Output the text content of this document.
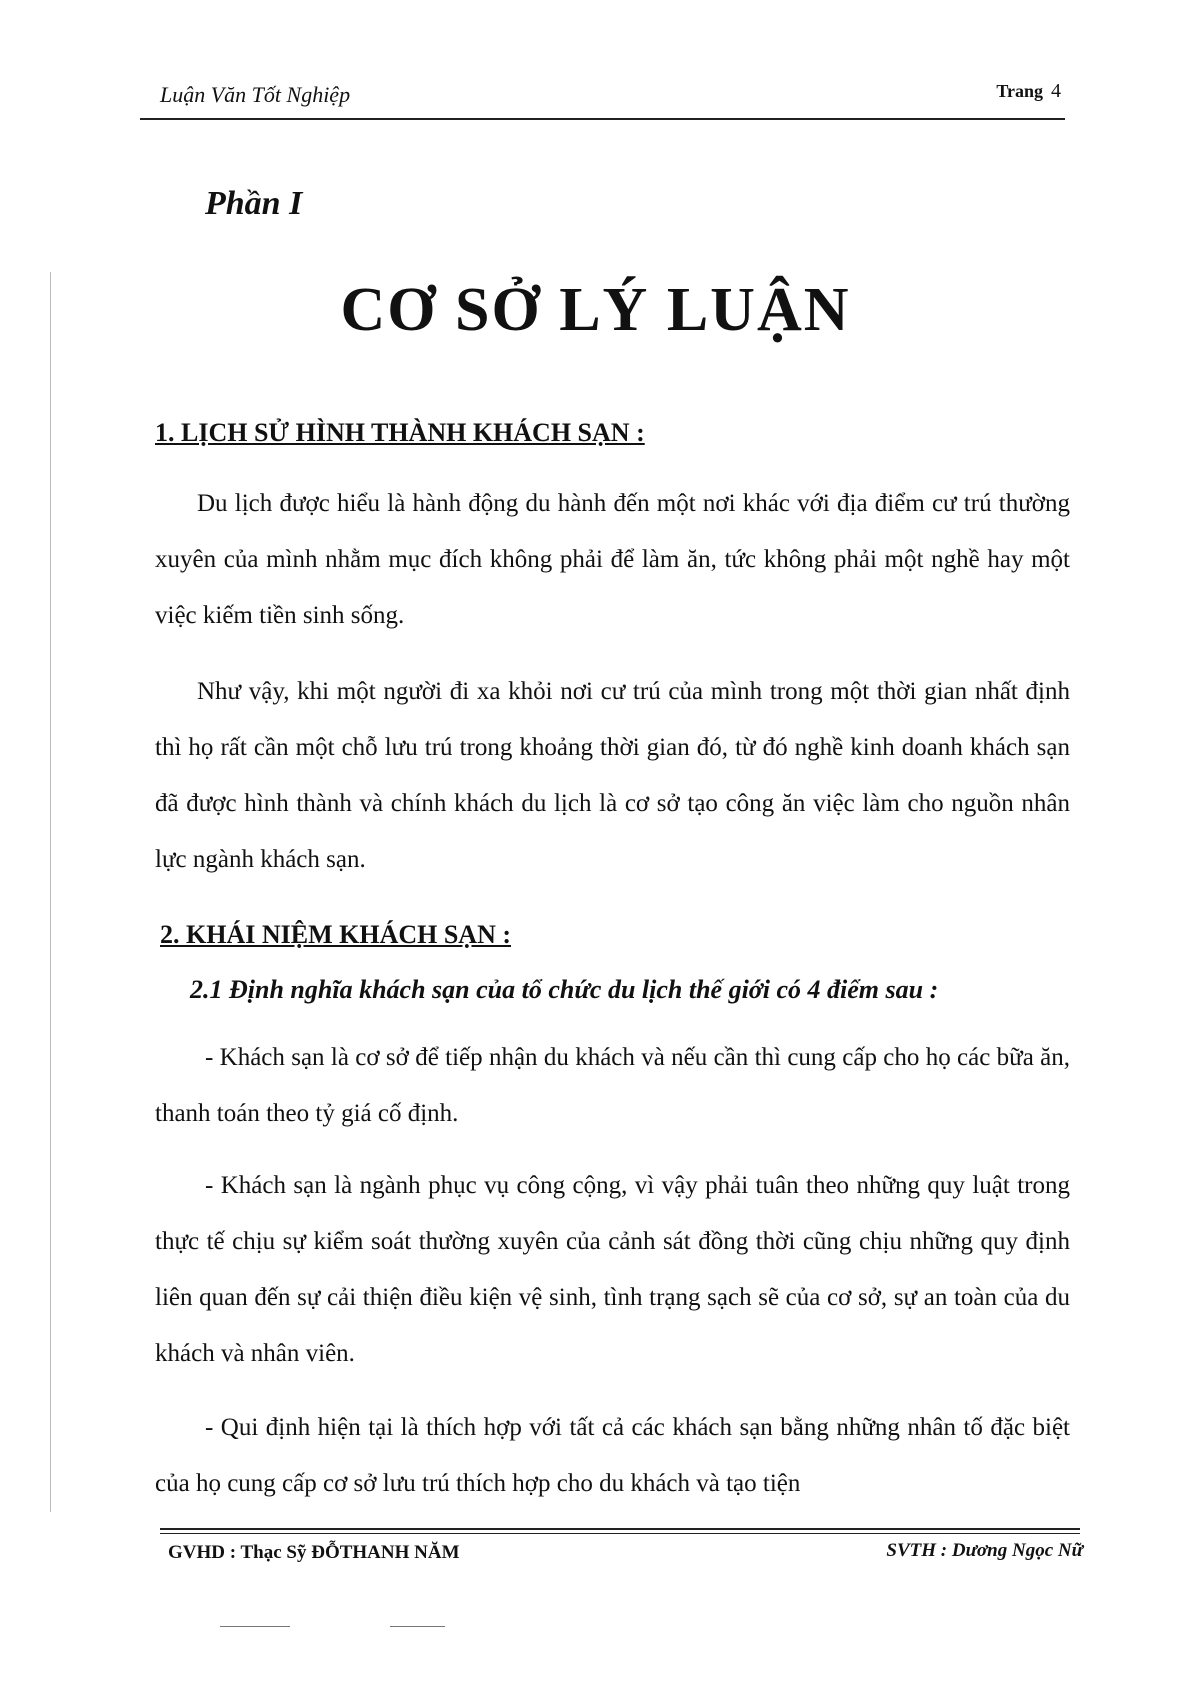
Luận Văn Tốt Nghiệp	Trang 4
Phần I
CƠ SỞ LÝ LUẬN
1. LỊCH SỬ HÌNH THÀNH KHÁCH SẠN :

Du lịch được hiểu là hành động du hành đến một nơi khác với địa điểm cư trú thường xuyên của mình nhằm mục đích không phải để làm ăn, tức không phải một nghề hay một việc kiếm tiền sinh sống.

Như vậy, khi một người đi xa khỏi nơi cư trú của mình trong một thời gian nhất định thì họ rất cần một chỗ lưu trú trong khoảng thời gian đó, từ đó nghề kinh doanh khách sạn đã được hình thành và chính khách du lịch là cơ sở tạo công ăn việc làm cho nguồn nhân lực ngành khách sạn.

2. KHÁI NIỆM KHÁCH SẠN :
2.1 Định nghĩa khách sạn của tổ chức du lịch thế giới có 4 điểm sau :

- Khách sạn là cơ sở để tiếp nhận du khách và nếu cần thì cung cấp cho họ các bữa ăn, thanh toán theo tỷ giá cố định.

- Khách sạn là ngành phục vụ công cộng, vì vậy phải tuân theo những quy luật trong thực tế chịu sự kiểm soát thường xuyên của cảnh sát đồng thời cũng chịu những quy định liên quan đến sự cải thiện điều kiện vệ sinh, tình trạng sạch sẽ của cơ sở, sự an toàn của du khách và nhân viên.

- Qui định hiện tại là thích hợp với tất cả các khách sạn bằng những nhân tố đặc biệt của họ cung cấp cơ sở lưu trú thích hợp cho du khách và tạo tiện

GVHD : Thạc Sỹ ĐỖTHANH NĂM	SVTH : Dương Ngọc Nữ
